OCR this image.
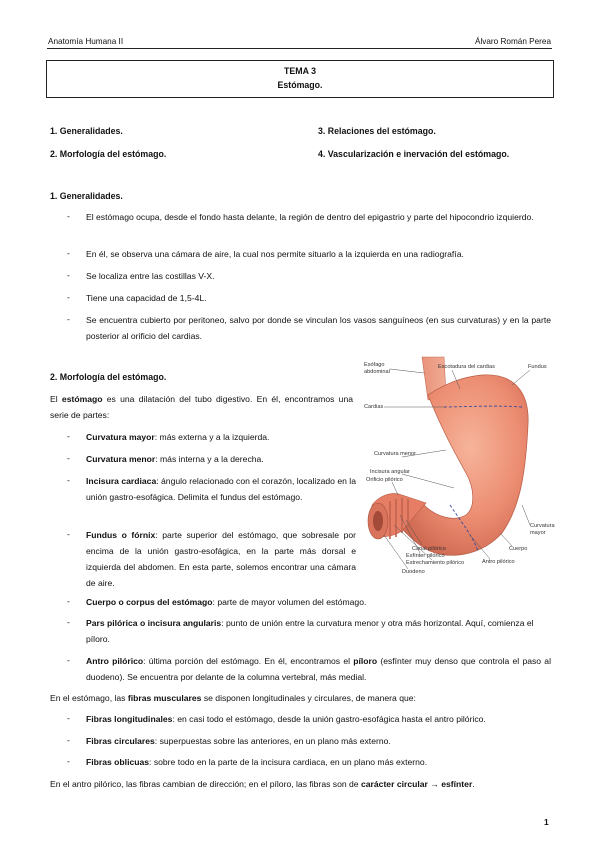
Anatomía Humana II	Álvaro Román Perea
TEMA 3
Estómago.
1. Generalidades.	3. Relaciones del estómago.
2. Morfología del estómago.	4. Vascularización e inervación del estómago.
1. Generalidades.
- El estómago ocupa, desde el fondo hasta delante, la región de dentro del epigastrio y parte del hipocondrio izquierdo.
- En él, se observa una cámara de aire, la cual nos permite situarlo a la izquierda en una radiografía.
- Se localiza entre las costillas V-X.
- Tiene una capacidad de 1,5-4L.
- Se encuentra cubierto por peritoneo, salvo por donde se vinculan los vasos sanguíneos (en sus curvaturas) y en la parte posterior al orificio del cardias.
2. Morfología del estómago.
El estómago es una dilatación del tubo digestivo. En él, encontramos una serie de partes:
- Curvatura mayor: más externa y a la izquierda.
- Curvatura menor: más interna y a la derecha.
- Incisura cardiaca: ángulo relacionado con el corazón, localizado en la unión gastro-esofágica. Delimita el fundus del estómago.
- Fundus o fórnix: parte superior del estómago, que sobresale por encima de la unión gastro-esofágica, en la parte más dorsal e izquierda del abdomen. En esta parte, solemos encontrar una cámara de aire.
- Cuerpo o corpus del estómago: parte de mayor volumen del estómago.
- Pars pilórica o incisura angularis: punto de unión entre la curvatura menor y otra más horizontal. Aquí, comienza el píloro.
- Antro pilórico: última porción del estómago. En él, encontramos el píloro (esfínter muy denso que controla el paso al duodeno). Se encuentra por delante de la columna vertebral, más medial.
En el estómago, las fibras musculares se disponen longitudinales y circulares, de manera que:
- Fibras longitudinales: en casi todo el estómago, desde la unión gastro-esofágica hasta el antro pilórico.
- Fibras circulares: superpuestas sobre las anteriores, en un plano más externo.
- Fibras oblicuas: sobre todo en la parte de la incisura cardiaca, en un plano más externo.
En el antro pilórico, las fibras cambian de dirección; en el píloro, las fibras son de carácter circular → esfínter.
Esófago
abdominal
Escotadura del cardias	Fundus
Cardias
Curvatura menor
Incisura angular
Orificio pilórico
Canal pilórico
Esfínter pilórico
Estrechamiento pilórico
Duodeno
Antro pilórico
Cuerpo
Curvatura
mayor
1
